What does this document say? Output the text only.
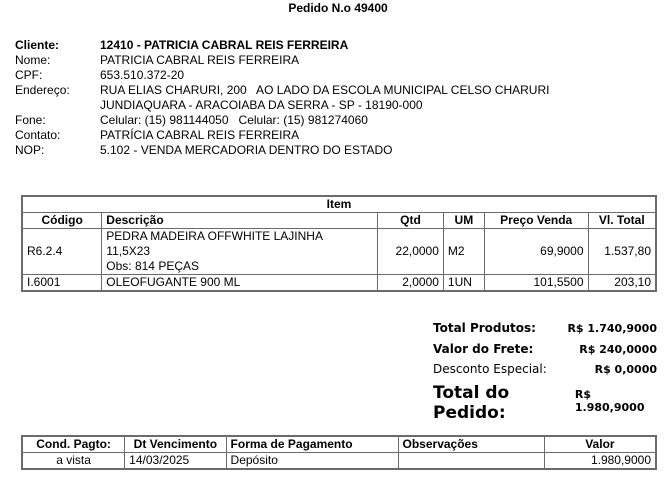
Pedido N.o 49400
Cliente:	12410 - PATRICIA CABRAL REIS FERREIRA
Nome:	PATRICIA CABRAL REIS FERREIRA
CPF:	653.510.372-20
Endereço:	RUA ELIAS CHARURI, 200   AO LADO DA ESCOLA MUNICIPAL CELSO CHARURI
JUNDIAQUARA - ARACOIABA DA SERRA - SP - 18190-000
Fone:	Celular: (15) 981144050   Celular: (15) 981274060
Contato:	PATRÍCIA CABRAL REIS FERREIRA
NOP:	5.102 - VENDA MERCADORIA DENTRO DO ESTADO
Item					
Código	Descrição	Qtd	UM	Preço Venda	Vl. Total
R6.2.4	PEDRA MADEIRA OFFWHITE LAJINHA
11,5X23
Obs: 814 PEÇAS	22,0000	M2	69,9000	1.537,80
I.6001	OLEOFUGANTE 900 ML	2,0000	1UN	101,5500	203,10
Total Produtos:	R$ 1.740,9000
Valor do Frete:	R$ 240,0000
Desconto Especial:	R$ 0,0000
Total do Pedido:
R$ 1.980,9000
Cond. Pagto:	Dt Vencimento	Forma de Pagamento	Observações	Valor
a vista	14/03/2025	Depósito		1.980,9000
